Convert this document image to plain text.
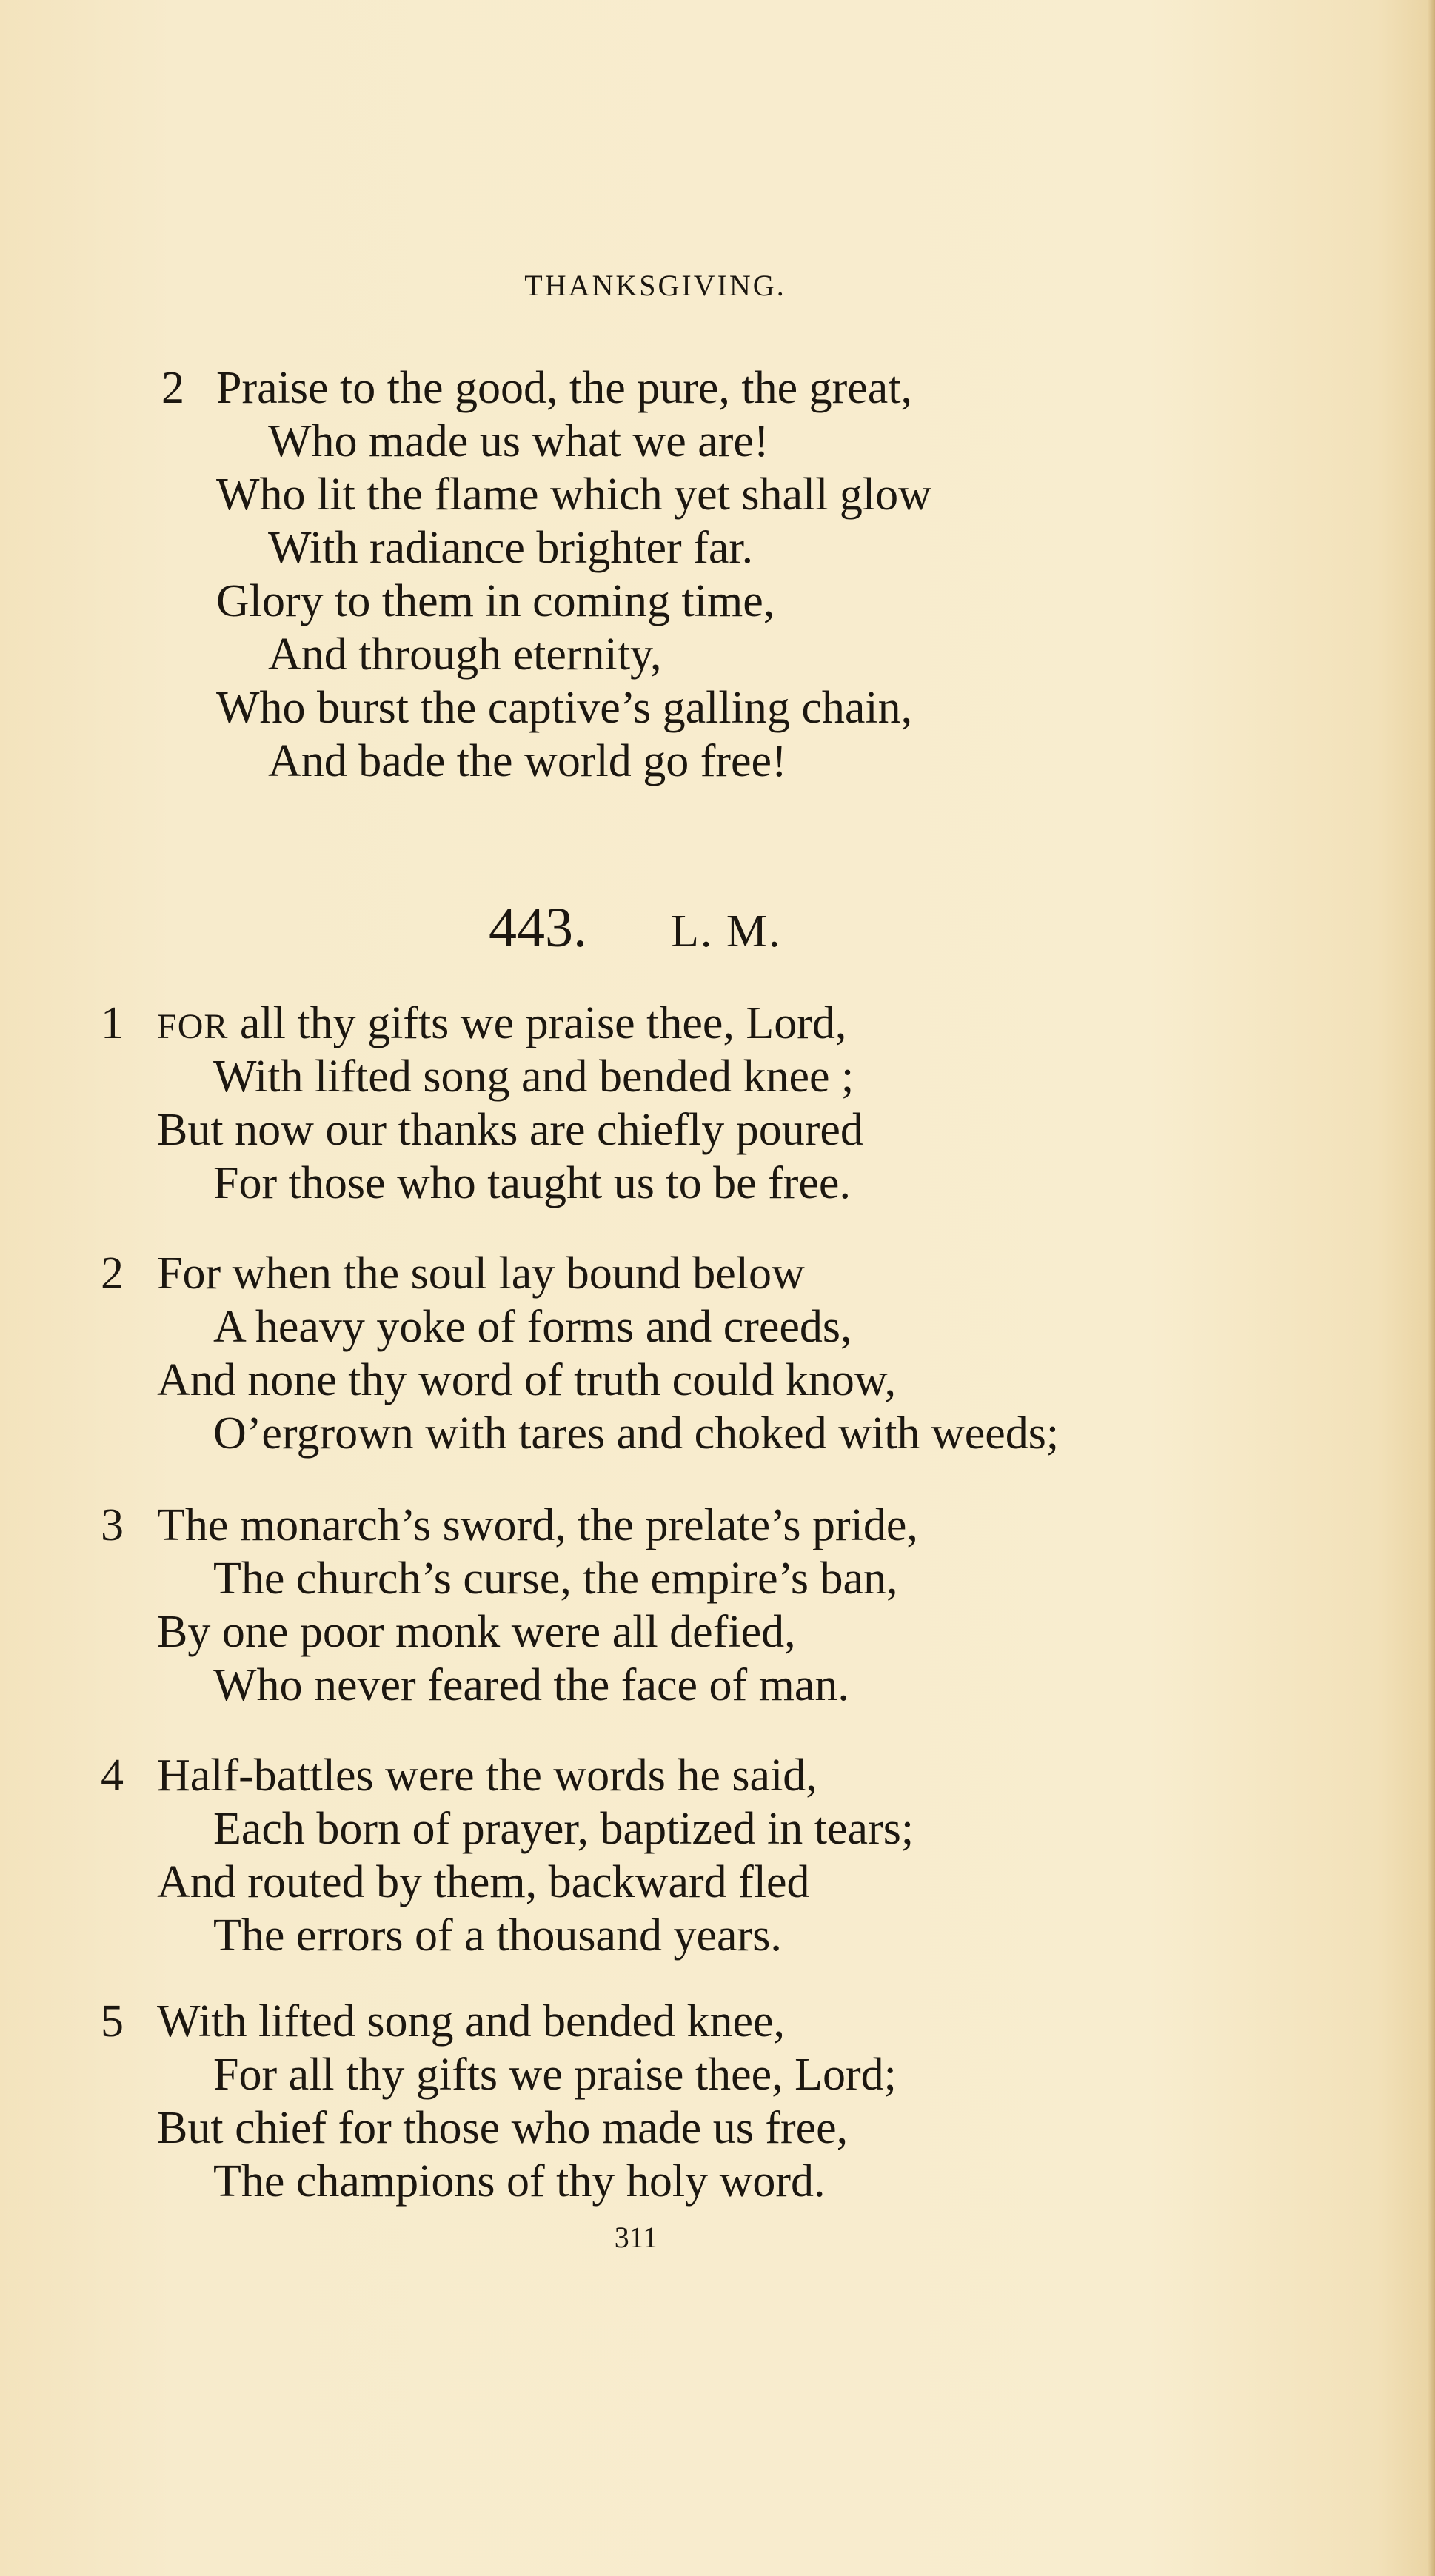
THANKSGIVING.
2 Praise to the good, the pure, the great,
Who made us what we are!
Who lit the flame which yet shall glow
With radiance brighter far.
Glory to them in coming time,
And through eternity,
Who burst the captive’s galling chain,
And bade the world go free!
443. L. M.
1 FOR all thy gifts we praise thee, Lord,
With lifted song and bended knee ;
But now our thanks are chiefly poured
For those who taught us to be free.
2 For when the soul lay bound below
A heavy yoke of forms and creeds,
And none thy word of truth could know,
O’ergrown with tares and choked with weeds;
3 The monarch’s sword, the prelate’s pride,
The church’s curse, the empire’s ban,
By one poor monk were all defied,
Who never feared the face of man.
4 Half-battles were the words he said,
Each born of prayer, baptized in tears;
And routed by them, backward fled
The errors of a thousand years.
5 With lifted song and bended knee,
For all thy gifts we praise thee, Lord;
But chief for those who made us free,
The champions of thy holy word.
311
